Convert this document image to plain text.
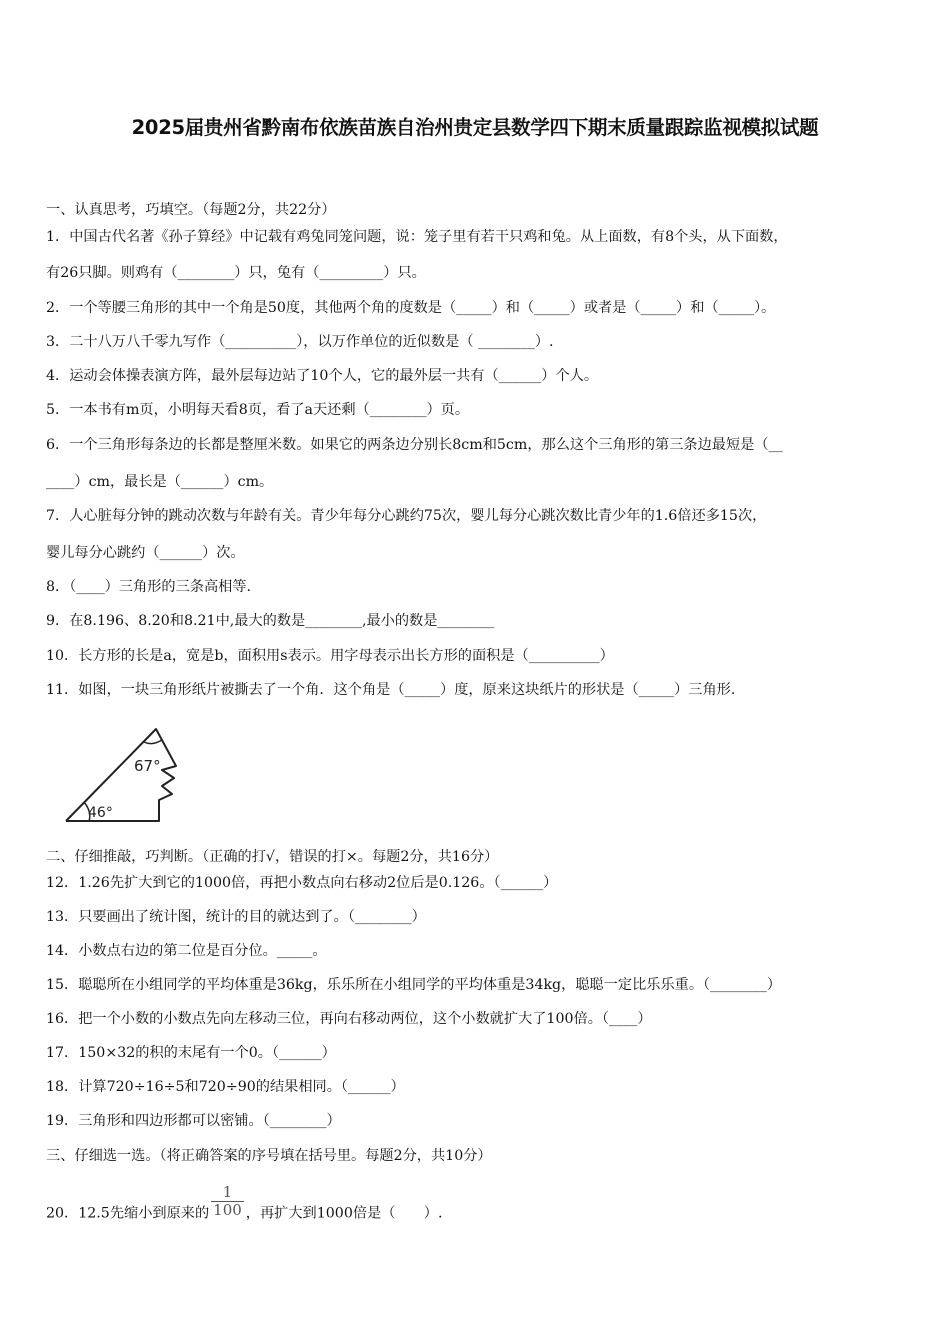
2025届贵州省黔南布依族苗族自治州贵定县数学四下期末质量跟踪监视模拟试题
一、认真思考，巧填空。（每题2分，共22分）
1．中国古代名著《孙子算经》中记载有鸡兔同笼问题，说：笼子里有若干只鸡和兔。从上面数，有8个头，从下面数，
有26只脚。则鸡有（________）只，兔有（_________）只。
2．一个等腰三角形的其中一个角是50度，其他两个角的度数是（_____）和（_____）或者是（_____）和（_____）。
3．二十八万八千零九写作（__________），以万作单位的近似数是（ ________）.
4．运动会体操表演方阵，最外层每边站了10个人，它的最外层一共有（______）个人。
5．一本书有m页，小明每天看8页，看了a天还剩（________）页。
6．一个三角形每条边的长都是整厘米数。如果它的两条边分别长8cm和5cm，那么这个三角形的第三条边最短是（__
____）cm，最长是（______）cm。
7．人心脏每分钟的跳动次数与年龄有关。青少年每分心跳约75次，婴儿每分心跳次数比青少年的1.6倍还多15次，
婴儿每分心跳约（______）次。
8．（____）三角形的三条高相等.
9．在8.196、8.20和8.21中,最大的数是________,最小的数是________
10．长方形的长是a，宽是b，面积用s表示。用字母表示出长方形的面积是（__________）
11．如图，一块三角形纸片被撕去了一个角．这个角是（_____）度，原来这块纸片的形状是（_____）三角形.
67°
46°
二、仔细推敲，巧判断。（正确的打√，错误的打×。每题2分，共16分）
12．1.26先扩大到它的1000倍，再把小数点向右移动2位后是0.126。（______）
13．只要画出了统计图，统计的目的就达到了。（________）
14．小数点右边的第二位是百分位。_____。
15．聪聪所在小组同学的平均体重是36kg，乐乐所在小组同学的平均体重是34kg，聪聪一定比乐乐重。（________）
16．把一个小数的小数点先向左移动三位，再向右移动两位，这个小数就扩大了100倍。（____）
17．150×32的积的末尾有一个0。（______）
18．计算720÷16÷5和720÷90的结果相同。（______）
19．三角形和四边形都可以密铺。（________）
三、仔细选一选。（将正确答案的序号填在括号里。每题2分，共10分）
20．12.5先缩小到原来的 $\frac{1}{100}$ ，再扩大到1000倍是（　　）.
